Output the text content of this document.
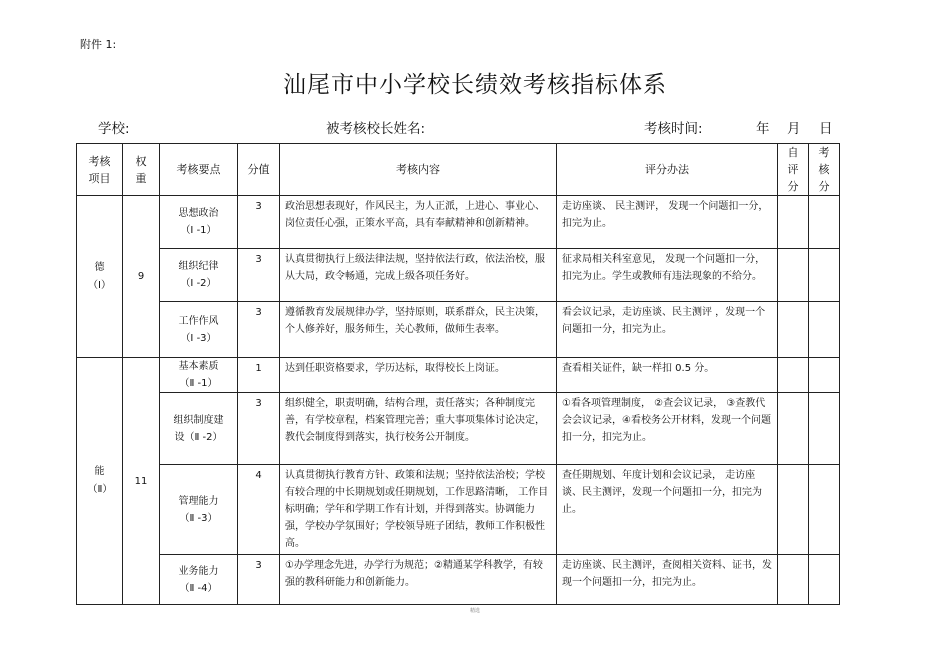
附件 1:
汕尾市中小学校长绩效考核指标体系
学校:	被考核校长姓名:	考核时间:	年 月 日
考核项目	权重	考核要点	分值	考核内容	评分办法	自评分	考核分

德（Ⅰ）	9	思想政治（Ⅰ -1）	3	政治思想表现好，作风民主，为人正派，上进心、事业心、岗位责任心强，正策水平高，具有奉献精神和创新精神。	走访座谈、 民主测评， 发现一个问题扣一分，扣完为止。		

		组织纪律（Ⅰ -2）	3	认真贯彻执行上级法律法规，坚持依法行政，依法治校，服从大局，政令畅通，完成上级各项任务好。	征求局相关科室意见， 发现一个问题扣一分，扣完为止。学生或教师有违法现象的不给分。		

		工作作风（Ⅰ -3）	3	遵循教育发展规律办学，坚持原则，联系群众，民主决策，个人修养好，服务师生，关心教师，做师生表率。	看会议记录，走访座谈、民主测评 ，发现一个问题扣一分，扣完为止。		

能（Ⅱ）	11	基本素质（Ⅱ -1）	1	达到任职资格要求，学历达标，取得校长上岗证。	查看相关证件，缺一样扣 0.5 分。		

		组织制度建设（Ⅱ -2）	3	组织健全，职责明确，结构合理，责任落实；各种制度完善，有学校章程，档案管理完善；重大事项集体讨论决定，教代会制度得到落实，执行校务公开制度。	①看各项管理制度， ②查会议记录， ③查教代会会议记录，④看校务公开材料，发现一个问题扣一分，扣完为止。		

		管理能力（Ⅱ -3）	4	认真贯彻执行教育方针、政策和法规；坚持依法治校；学校有较合理的中长期规划或任期规划，工作思路清晰， 工作目标明确；学年和学期工作有计划，并得到落实。协调能力强，学校办学氛围好；学校领导班子团结，教师工作积极性高。	查任期规划、年度计划和会议记录， 走访座谈、民主测评，发现一个问题扣一分，扣完为止。		

		业务能力（Ⅱ -4）	3	①办学理念先进，办学行为规范；②精通某学科教学，有较强的教科研能力和创新能力。	走访座谈、民主测评，查阅相关资料、证书，发现一个问题扣一分，扣完为止。		
精选
